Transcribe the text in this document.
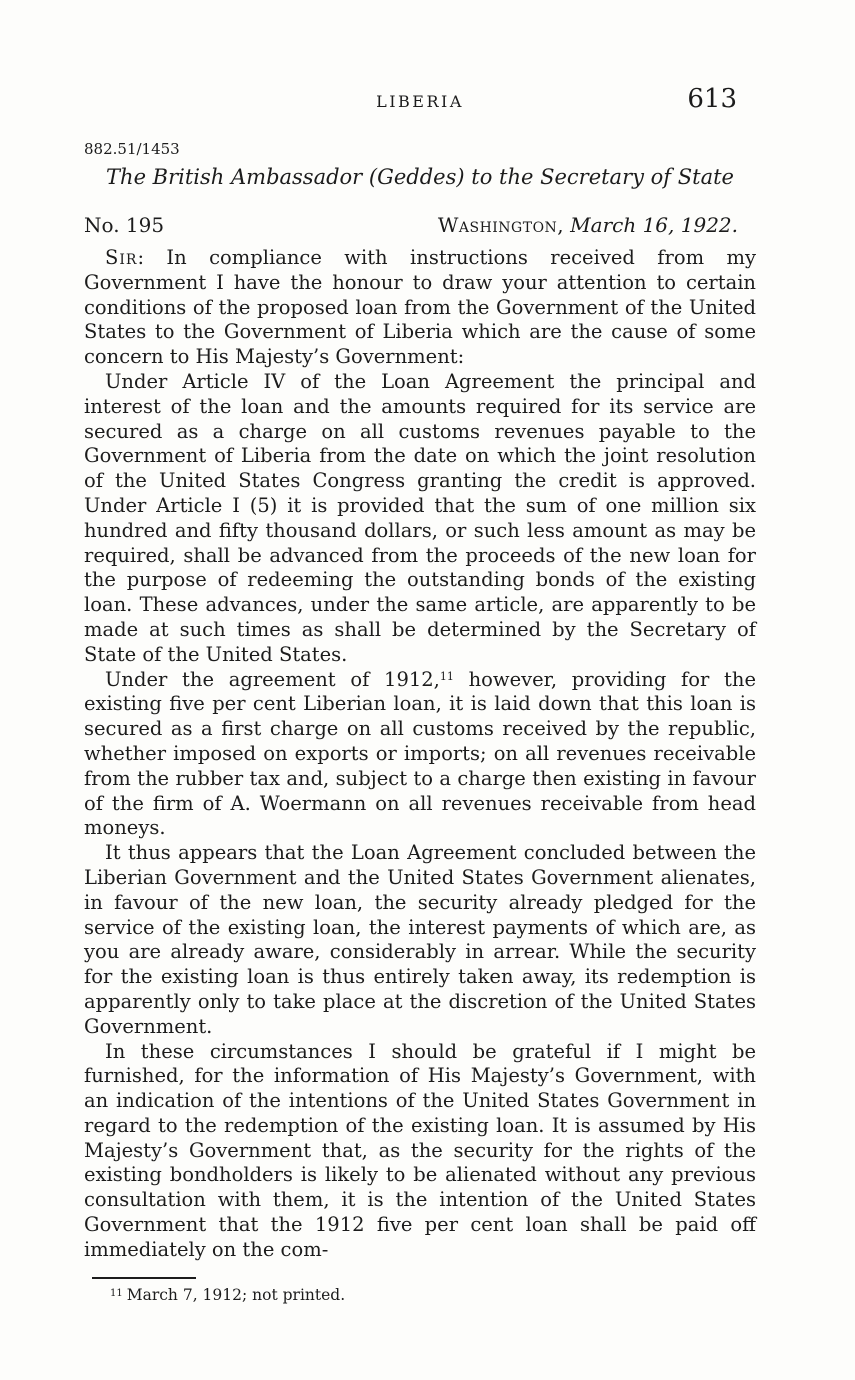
LIBERIA	613
882.51/1453
The British Ambassador (Geddes) to the Secretary of State
No. 195	Washington, March 16, 1922.

Sir: In compliance with instructions received from my Government I have the honour to draw your attention to certain conditions of the proposed loan from the Government of the United States to the Government of Liberia which are the cause of some concern to His Majesty’s Government:

Under Article IV of the Loan Agreement the principal and interest of the loan and the amounts required for its service are secured as a charge on all customs revenues payable to the Government of Liberia from the date on which the joint resolution of the United States Congress granting the credit is approved. Under Article I (5) it is provided that the sum of one million six hundred and fifty thousand dollars, or such less amount as may be required, shall be advanced from the proceeds of the new loan for the purpose of redeeming the outstanding bonds of the existing loan. These advances, under the same article, are apparently to be made at such times as shall be determined by the Secretary of State of the United States.

Under the agreement of 1912,11 however, providing for the existing five per cent Liberian loan, it is laid down that this loan is secured as a first charge on all customs received by the republic, whether imposed on exports or imports; on all revenues receivable from the rubber tax and, subject to a charge then existing in favour of the firm of A. Woermann on all revenues receivable from head moneys.

It thus appears that the Loan Agreement concluded between the Liberian Government and the United States Government alienates, in favour of the new loan, the security already pledged for the service of the existing loan, the interest payments of which are, as you are already aware, considerably in arrear. While the security for the existing loan is thus entirely taken away, its redemption is apparently only to take place at the discretion of the United States Government.

In these circumstances I should be grateful if I might be furnished, for the information of His Majesty’s Government, with an indication of the intentions of the United States Government in regard to the redemption of the existing loan. It is assumed by His Majesty’s Government that, as the security for the rights of the existing bondholders is likely to be alienated without any previous consultation with them, it is the intention of the United States Government that the 1912 five per cent loan shall be paid off immediately on the com-

$^{11}$ March 7, 1912; not printed.
